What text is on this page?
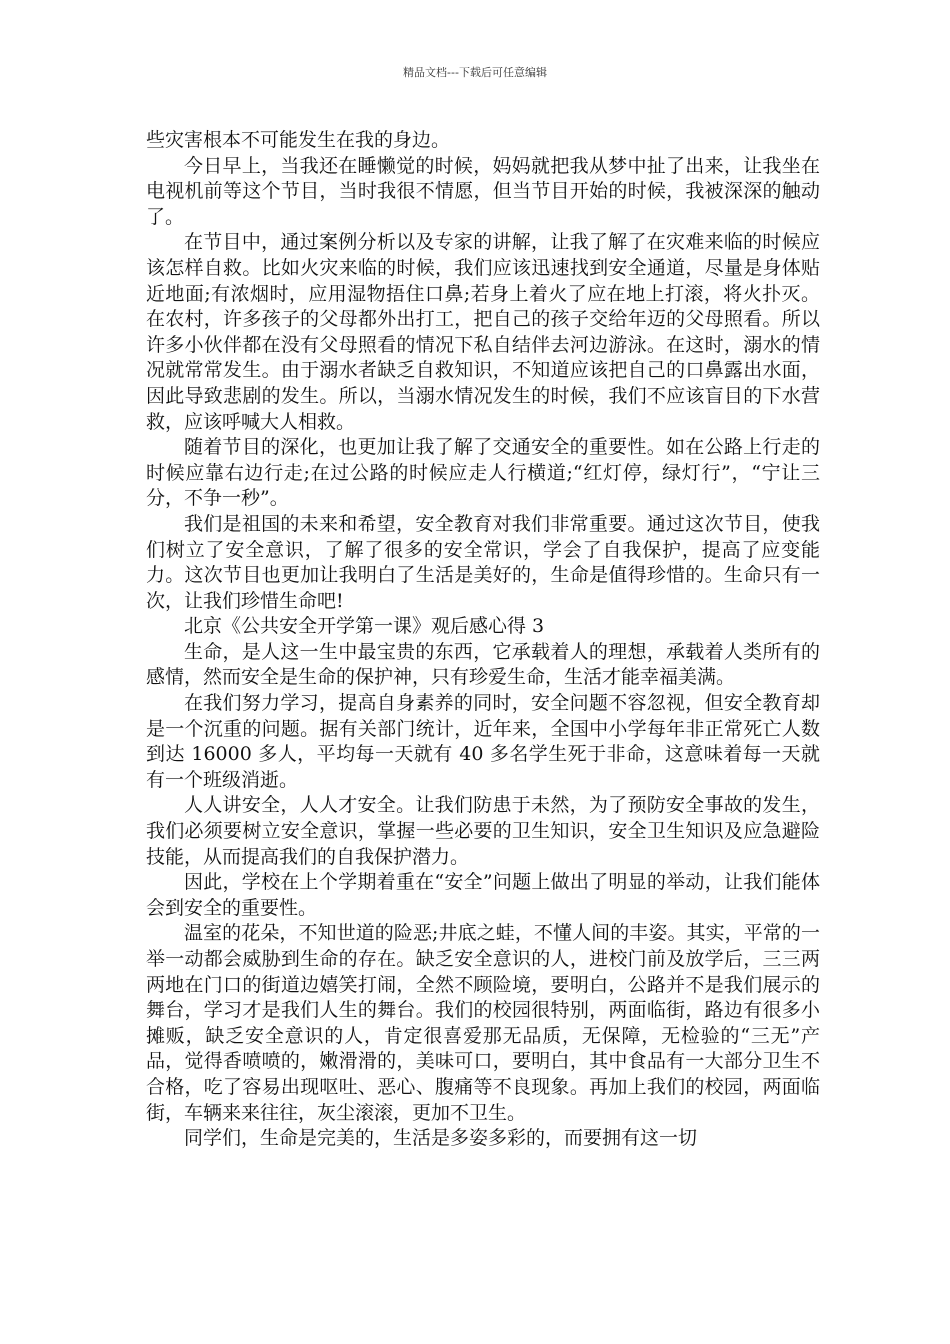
精品文档---下载后可任意编辑

些灾害根本不可能发生在我的身边。

今日早上，当我还在睡懒觉的时候，妈妈就把我从梦中扯了出来，让我坐在电视机前等这个节目，当时我很不情愿，但当节目开始的时候，我被深深的触动了。

在节目中，通过案例分析以及专家的讲解，让我了解了在灾难来临的时候应该怎样自救。比如火灾来临的时候，我们应该迅速找到安全通道，尽量是身体贴近地面;有浓烟时，应用湿物捂住口鼻;若身上着火了应在地上打滚，将火扑灭。在农村，许多孩子的父母都外出打工，把自己的孩子交给年迈的父母照看。所以许多小伙伴都在没有父母照看的情况下私自结伴去河边游泳。在这时，溺水的情况就常常发生。由于溺水者缺乏自救知识，不知道应该把自己的口鼻露出水面，因此导致悲剧的发生。所以，当溺水情况发生的时候，我们不应该盲目的下水营救，应该呼喊大人相救。

随着节目的深化，也更加让我了解了交通安全的重要性。如在公路上行走的时候应靠右边行走;在过公路的时候应走人行横道;“红灯停，绿灯行”，“宁让三分，不争一秒”。

我们是祖国的未来和希望，安全教育对我们非常重要。通过这次节目，使我们树立了安全意识，了解了很多的安全常识，学会了自我保护，提高了应变能力。这次节目也更加让我明白了生活是美好的，生命是值得珍惜的。生命只有一次，让我们珍惜生命吧!

北京《公共安全开学第一课》观后感心得 3

生命，是人这一生中最宝贵的东西，它承载着人的理想，承载着人类所有的感情，然而安全是生命的保护神，只有珍爱生命，生活才能幸福美满。

在我们努力学习，提高自身素养的同时，安全问题不容忽视，但安全教育却是一个沉重的问题。据有关部门统计，近年来，全国中小学每年非正常死亡人数到达 16000 多人，平均每一天就有 40 多名学生死于非命，这意味着每一天就有一个班级消逝。

人人讲安全，人人才安全。让我们防患于未然，为了预防安全事故的发生，我们必须要树立安全意识，掌握一些必要的卫生知识，安全卫生知识及应急避险技能，从而提高我们的自我保护潜力。

因此，学校在上个学期着重在“安全”问题上做出了明显的举动，让我们能体会到安全的重要性。

温室的花朵，不知世道的险恶;井底之蛙，不懂人间的丰姿。其实，平常的一举一动都会威胁到生命的存在。缺乏安全意识的人，进校门前及放学后，三三两两地在门口的街道边嬉笑打闹，全然不顾险境，要明白，公路并不是我们展示的舞台，学习才是我们人生的舞台。我们的校园很特别，两面临街，路边有很多小摊贩，缺乏安全意识的人，肯定很喜爱那无品质，无保障，无检验的“三无”产品，觉得香喷喷的，嫩滑滑的，美味可口，要明白，其中食品有一大部分卫生不合格，吃了容易出现呕吐、恶心、腹痛等不良现象。再加上我们的校园，两面临街，车辆来来往往，灰尘滚滚，更加不卫生。

同学们，生命是完美的，生活是多姿多彩的，而要拥有这一切
